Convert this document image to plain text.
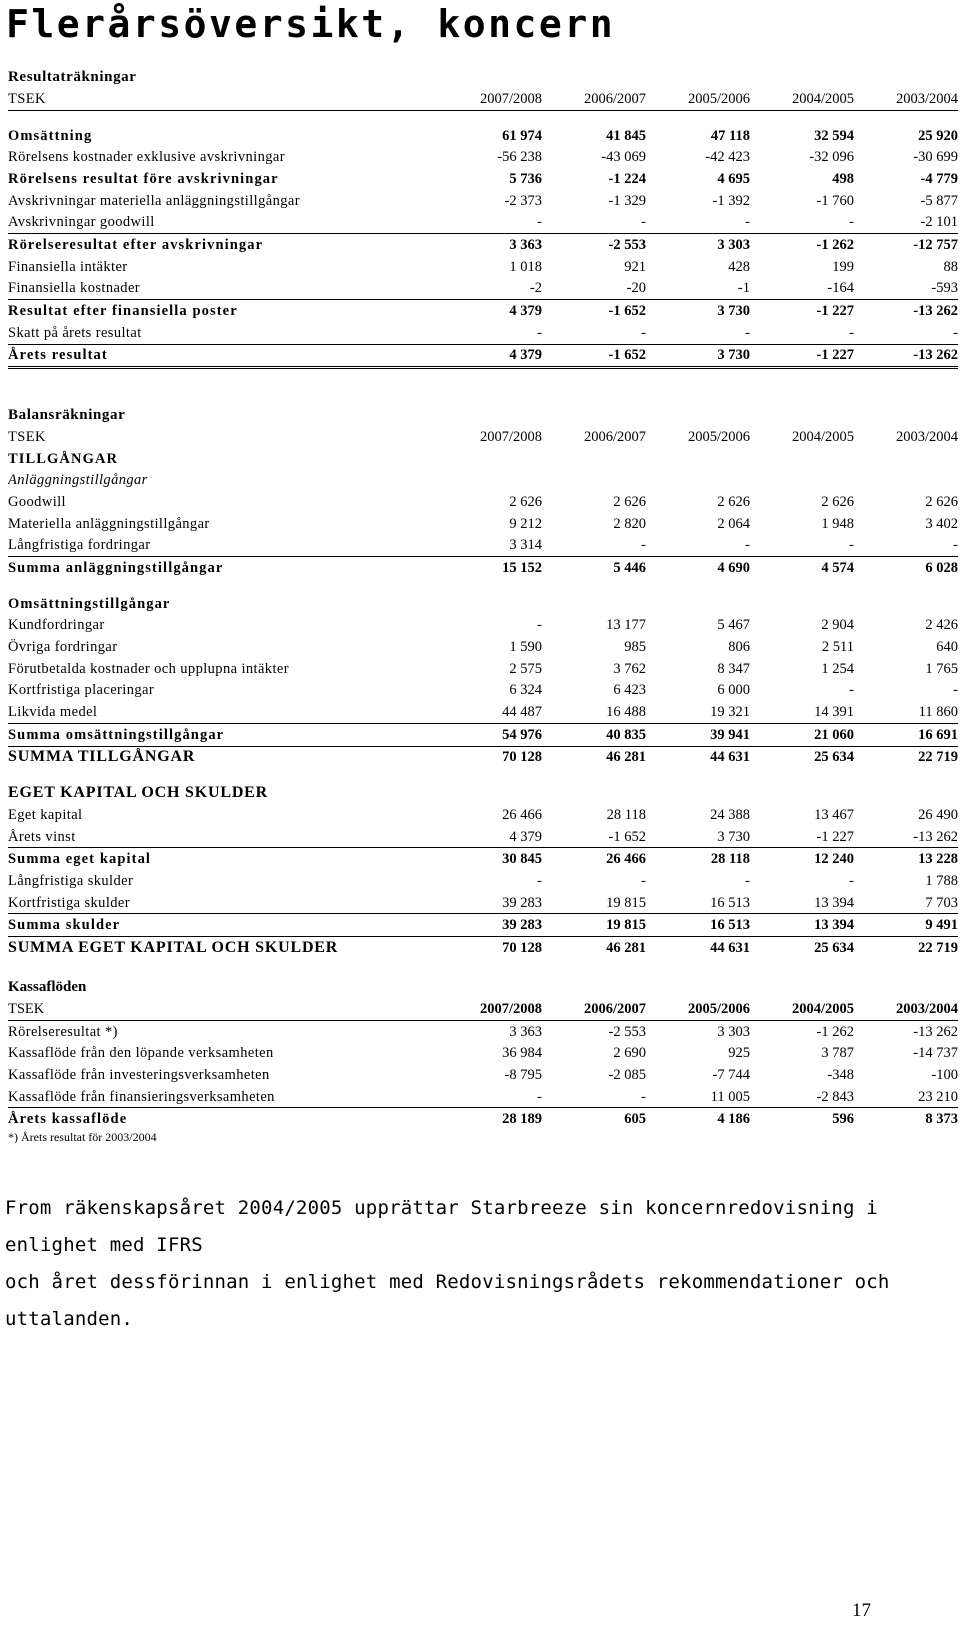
Flerårsöversikt, koncern
Resultaträkningar
TSEK	2007/2008	2006/2007	2005/2006	2004/2005	2003/2004

Omsättning	61 974	41 845	47 118	32 594	25 920
Rörelsens kostnader exklusive avskrivningar	-56 238	-43 069	-42 423	-32 096	-30 699
Rörelsens resultat före avskrivningar	5 736	-1 224	4 695	498	-4 779
Avskrivningar materiella anläggningstillgångar	-2 373	-1 329	-1 392	-1 760	-5 877
Avskrivningar goodwill	-	-	-	-	-2 101
Rörelseresultat efter avskrivningar	3 363	-2 553	3 303	-1 262	-12 757
Finansiella intäkter	1 018	921	428	199	88
Finansiella kostnader	-2	-20	-1	-164	-593
Resultat efter finansiella poster	4 379	-1 652	3 730	-1 227	-13 262
Skatt på årets resultat	-	-	-	-	-
Årets resultat	4 379	-1 652	3 730	-1 227	-13 262
Balansräkningar
TSEK	2007/2008	2006/2007	2005/2006	2004/2005	2003/2004
TILLGÅNGAR
Anläggningstillgångar
Goodwill	2 626	2 626	2 626	2 626	2 626
Materiella anläggningstillgångar	9 212	2 820	2 064	1 948	3 402
Långfristiga fordringar	3 314	-	-	-	-
Summa anläggningstillgångar	15 152	5 446	4 690	4 574	6 028

Omsättningstillgångar
Kundfordringar	-	13 177	5 467	2 904	2 426
Övriga fordringar	1 590	985	806	2 511	640
Förutbetalda kostnader och upplupna intäkter	2 575	3 762	8 347	1 254	1 765
Kortfristiga placeringar	6 324	6 423	6 000	-	-
Likvida medel	44 487	16 488	19 321	14 391	11 860
Summa omsättningstillgångar	54 976	40 835	39 941	21 060	16 691
SUMMA TILLGÅNGAR	70 128	46 281	44 631	25 634	22 719

EGET KAPITAL OCH SKULDER
Eget kapital	26 466	28 118	24 388	13 467	26 490
Årets vinst	4 379	-1 652	3 730	-1 227	-13 262
Summa eget kapital	30 845	26 466	28 118	12 240	13 228
Långfristiga skulder	-	-	-	-	1 788
Kortfristiga skulder	39 283	19 815	16 513	13 394	7 703
Summa skulder	39 283	19 815	16 513	13 394	9 491
SUMMA EGET KAPITAL OCH SKULDER	70 128	46 281	44 631	25 634	22 719
Kassaflöden
TSEK	2007/2008	2006/2007	2005/2006	2004/2005	2003/2004
Rörelseresultat *)	3 363	-2 553	3 303	-1 262	-13 262
Kassaflöde från den löpande verksamheten	36 984	2 690	925	3 787	-14 737
Kassaflöde från investeringsverksamheten	-8 795	-2 085	-7 744	-348	-100
Kassaflöde från finansieringsverksamheten	-	-	11 005	-2 843	23 210
Årets kassaflöde	28 189	605	4 186	596	8 373
*) Årets resultat för 2003/2004
From räkenskapsåret 2004/2005 upprättar Starbreeze sin koncernredovisning i enlighet med IFRS
och året dessförinnan i enlighet med Redovisningsrådets rekommendationer och uttalanden.
17
